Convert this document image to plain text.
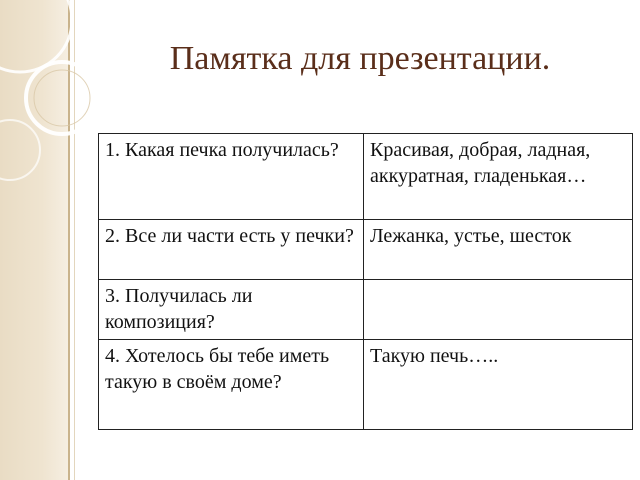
Памятка для презентации.
1. Какая печка получилась?	Красивая, добрая, ладная, аккуратная, гладенькая…
2. Все ли части есть у печки?	Лежанка, устье, шесток
3. Получилась ли композиция?	
4. Хотелось бы тебе иметь такую в своём доме?	Такую печь…..
